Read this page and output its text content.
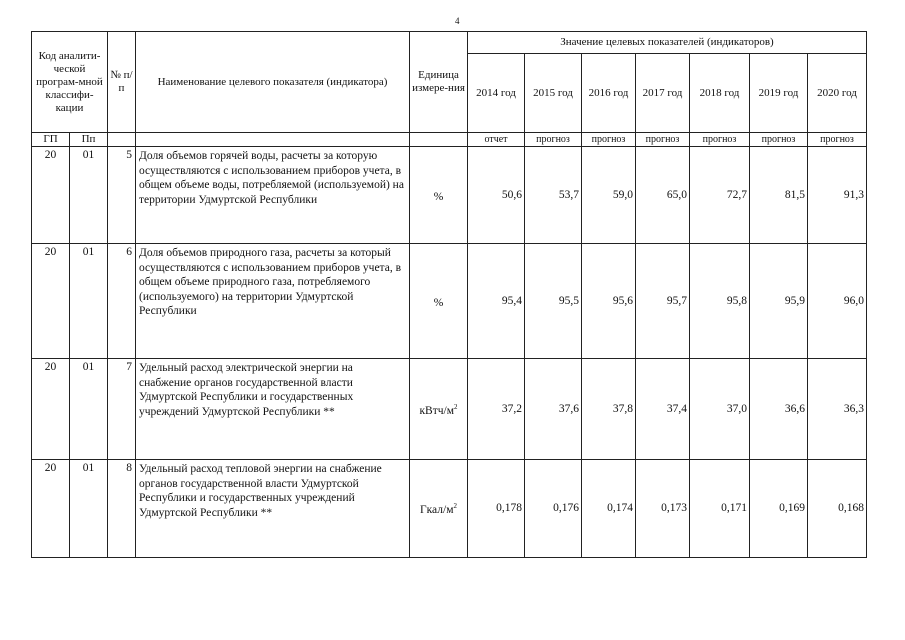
4
Код аналити-ческой програм-мной классифи-кации		№ п/п	Наименование целевого показателя (индикатора)	Единица измере-ния	Значение целевых показателей (индикаторов)						
					2014 год	2015 год	2016 год	2017 год	2018 год	2019 год	2020 год
ГП	Пп				отчет	прогноз	прогноз	прогноз	прогноз	прогноз	прогноз
20	01	5	Доля объемов горячей воды, расчеты за которую осуществляются с использованием приборов учета, в общем объеме воды, потребляемой (используемой) на территории Удмуртской Республики	%	50,6	53,7	59,0	65,0	72,7	81,5	91,3
20	01	6	Доля объемов природного газа, расчеты за который осуществляются с использованием приборов учета, в общем объеме природного газа, потребляемого (используемого) на территории Удмуртской Республики	%	95,4	95,5	95,6	95,7	95,8	95,9	96,0
20	01	7	Удельный расход электрической энергии на снабжение органов государственной власти Удмуртской Республики и государственных учреждений Удмуртской Республики **	кВтч/$м^2$	37,2	37,6	37,8	37,4	37,0	36,6	36,3
20	01	8	Удельный расход тепловой энергии на снабжение органов государственной власти Удмуртской Республики и государственных учреждений Удмуртской Республики **	Гкал/$м^2$	0,178	0,176	0,174	0,173	0,171	0,169	0,168
